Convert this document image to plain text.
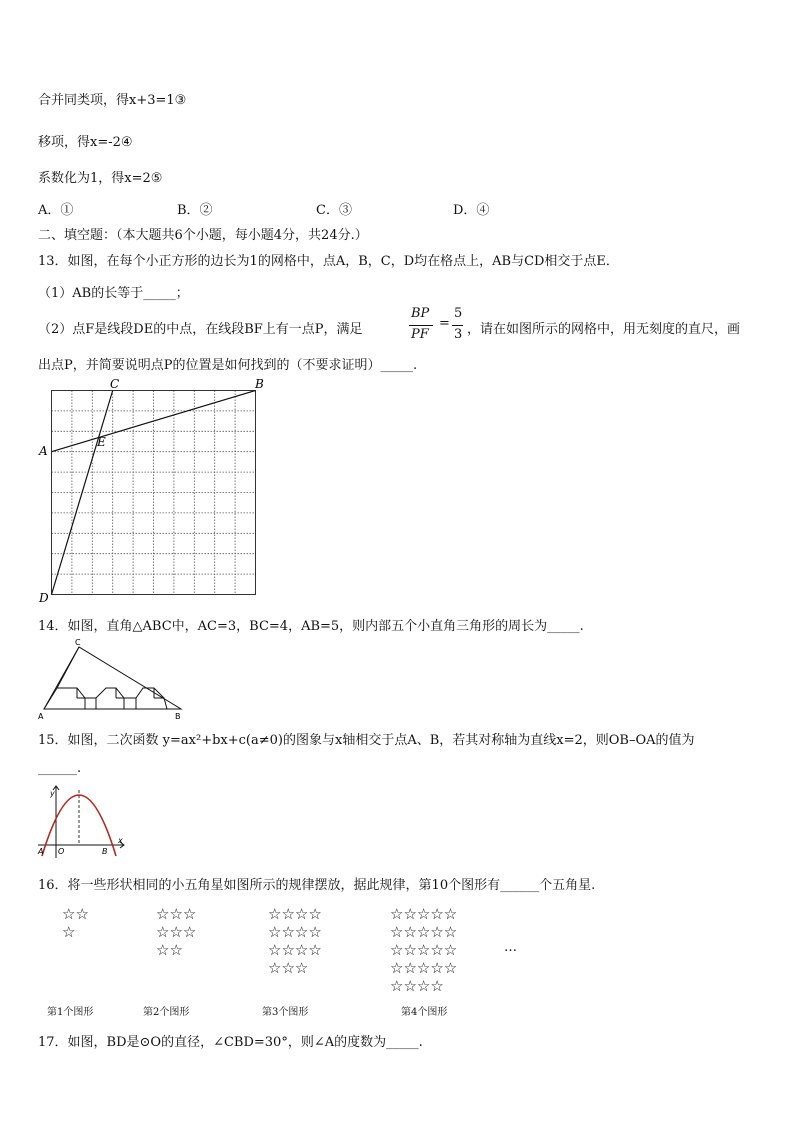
合并同类项，得x+3=1③
移项，得x=-2④
系数化为1，得x=2⑤
A．①	B．②	C．③	D．④
二、填空题：（本大题共6个小题，每小题4分，共24分.）
13．如图，在每个小正方形的边长为1的网格中，点A，B，C，D均在格点上，AB与CD相交于点E．
（1）AB的长等于_____；
（2）点F是线段DE的中点，在线段BF上有一点P，满足
BP
PF
=
5
3 ，请在如图所示的网格中，用无刻度的直尺，画
出点P，并简要说明点P的位置是如何找到的（不要求证明）_____.
A
B
C
D
E
14．如图，直角△ABC中，AC=3，BC=4，AB=5，则内部五个小直角三角形的周长为_____.
C
A	B
15．如图，二次函数 y=ax²+bx+c(a≠0)的图象与x轴相交于点A、B，若其对称轴为直线x=2，则OB–OA的值为
______.
y
x
A O	B
16．将一些形状相同的小五角星如图所示的规律摆放，据此规律，第10个图形有______个五角星.
☆☆
☆
☆☆☆
☆☆☆
☆☆
☆☆☆☆
☆☆☆☆
☆☆☆☆
☆☆☆
☆☆☆☆☆
☆☆☆☆☆
☆☆☆☆☆
☆☆☆☆☆
☆☆☆☆
…
第1个图形	第2个图形	第3个图形	第4个图形
17．如图，BD是⊙O的直径，∠CBD=30°，则∠A的度数为_____.
